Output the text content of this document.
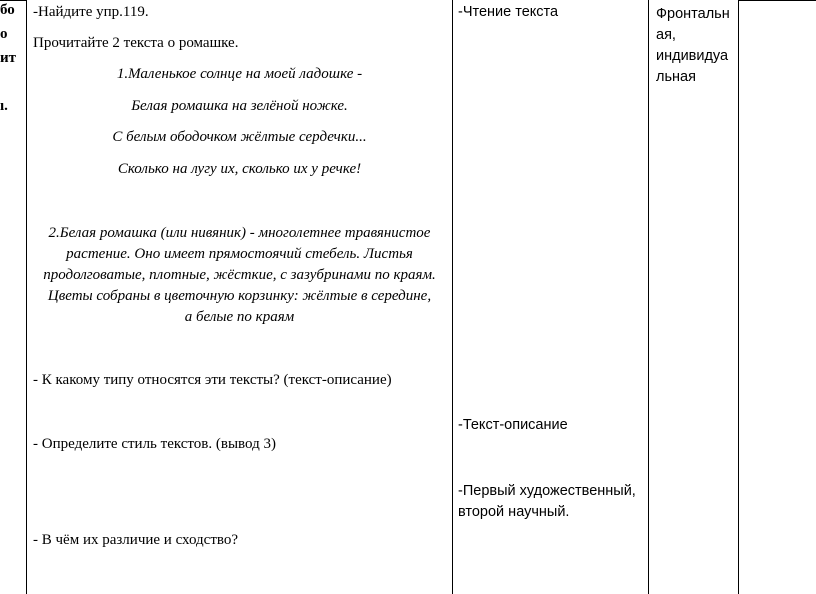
бо
о
ит
ı.
-Найдите упр.119.
Прочитайте 2 текста о ромашке.
1.Маленькое солнце на моей ладошке -
Белая ромашка на зелёной ножке.
С белым ободочком жёлтые сердечки...
Сколько на лугу их, сколько их у речке!
2.Белая ромашка (или нивяник) - многолетнее травянистое
растение. Оно имеет прямостоячий стебель. Листья
продолговатые, плотные, жёсткие, с зазубринами по краям.
Цветы собраны в цветочную корзинку: жёлтые в середине,
а белые по краям
- К какому типу относятся эти тексты? (текст-описание)
- Определите стиль текстов. (вывод 3)
- В чём их различие и сходство?
-Чтение текста
-Текст-описание
-Первый художественный,
второй научный.
Фронтальн
ая,
индивидуа
льная
